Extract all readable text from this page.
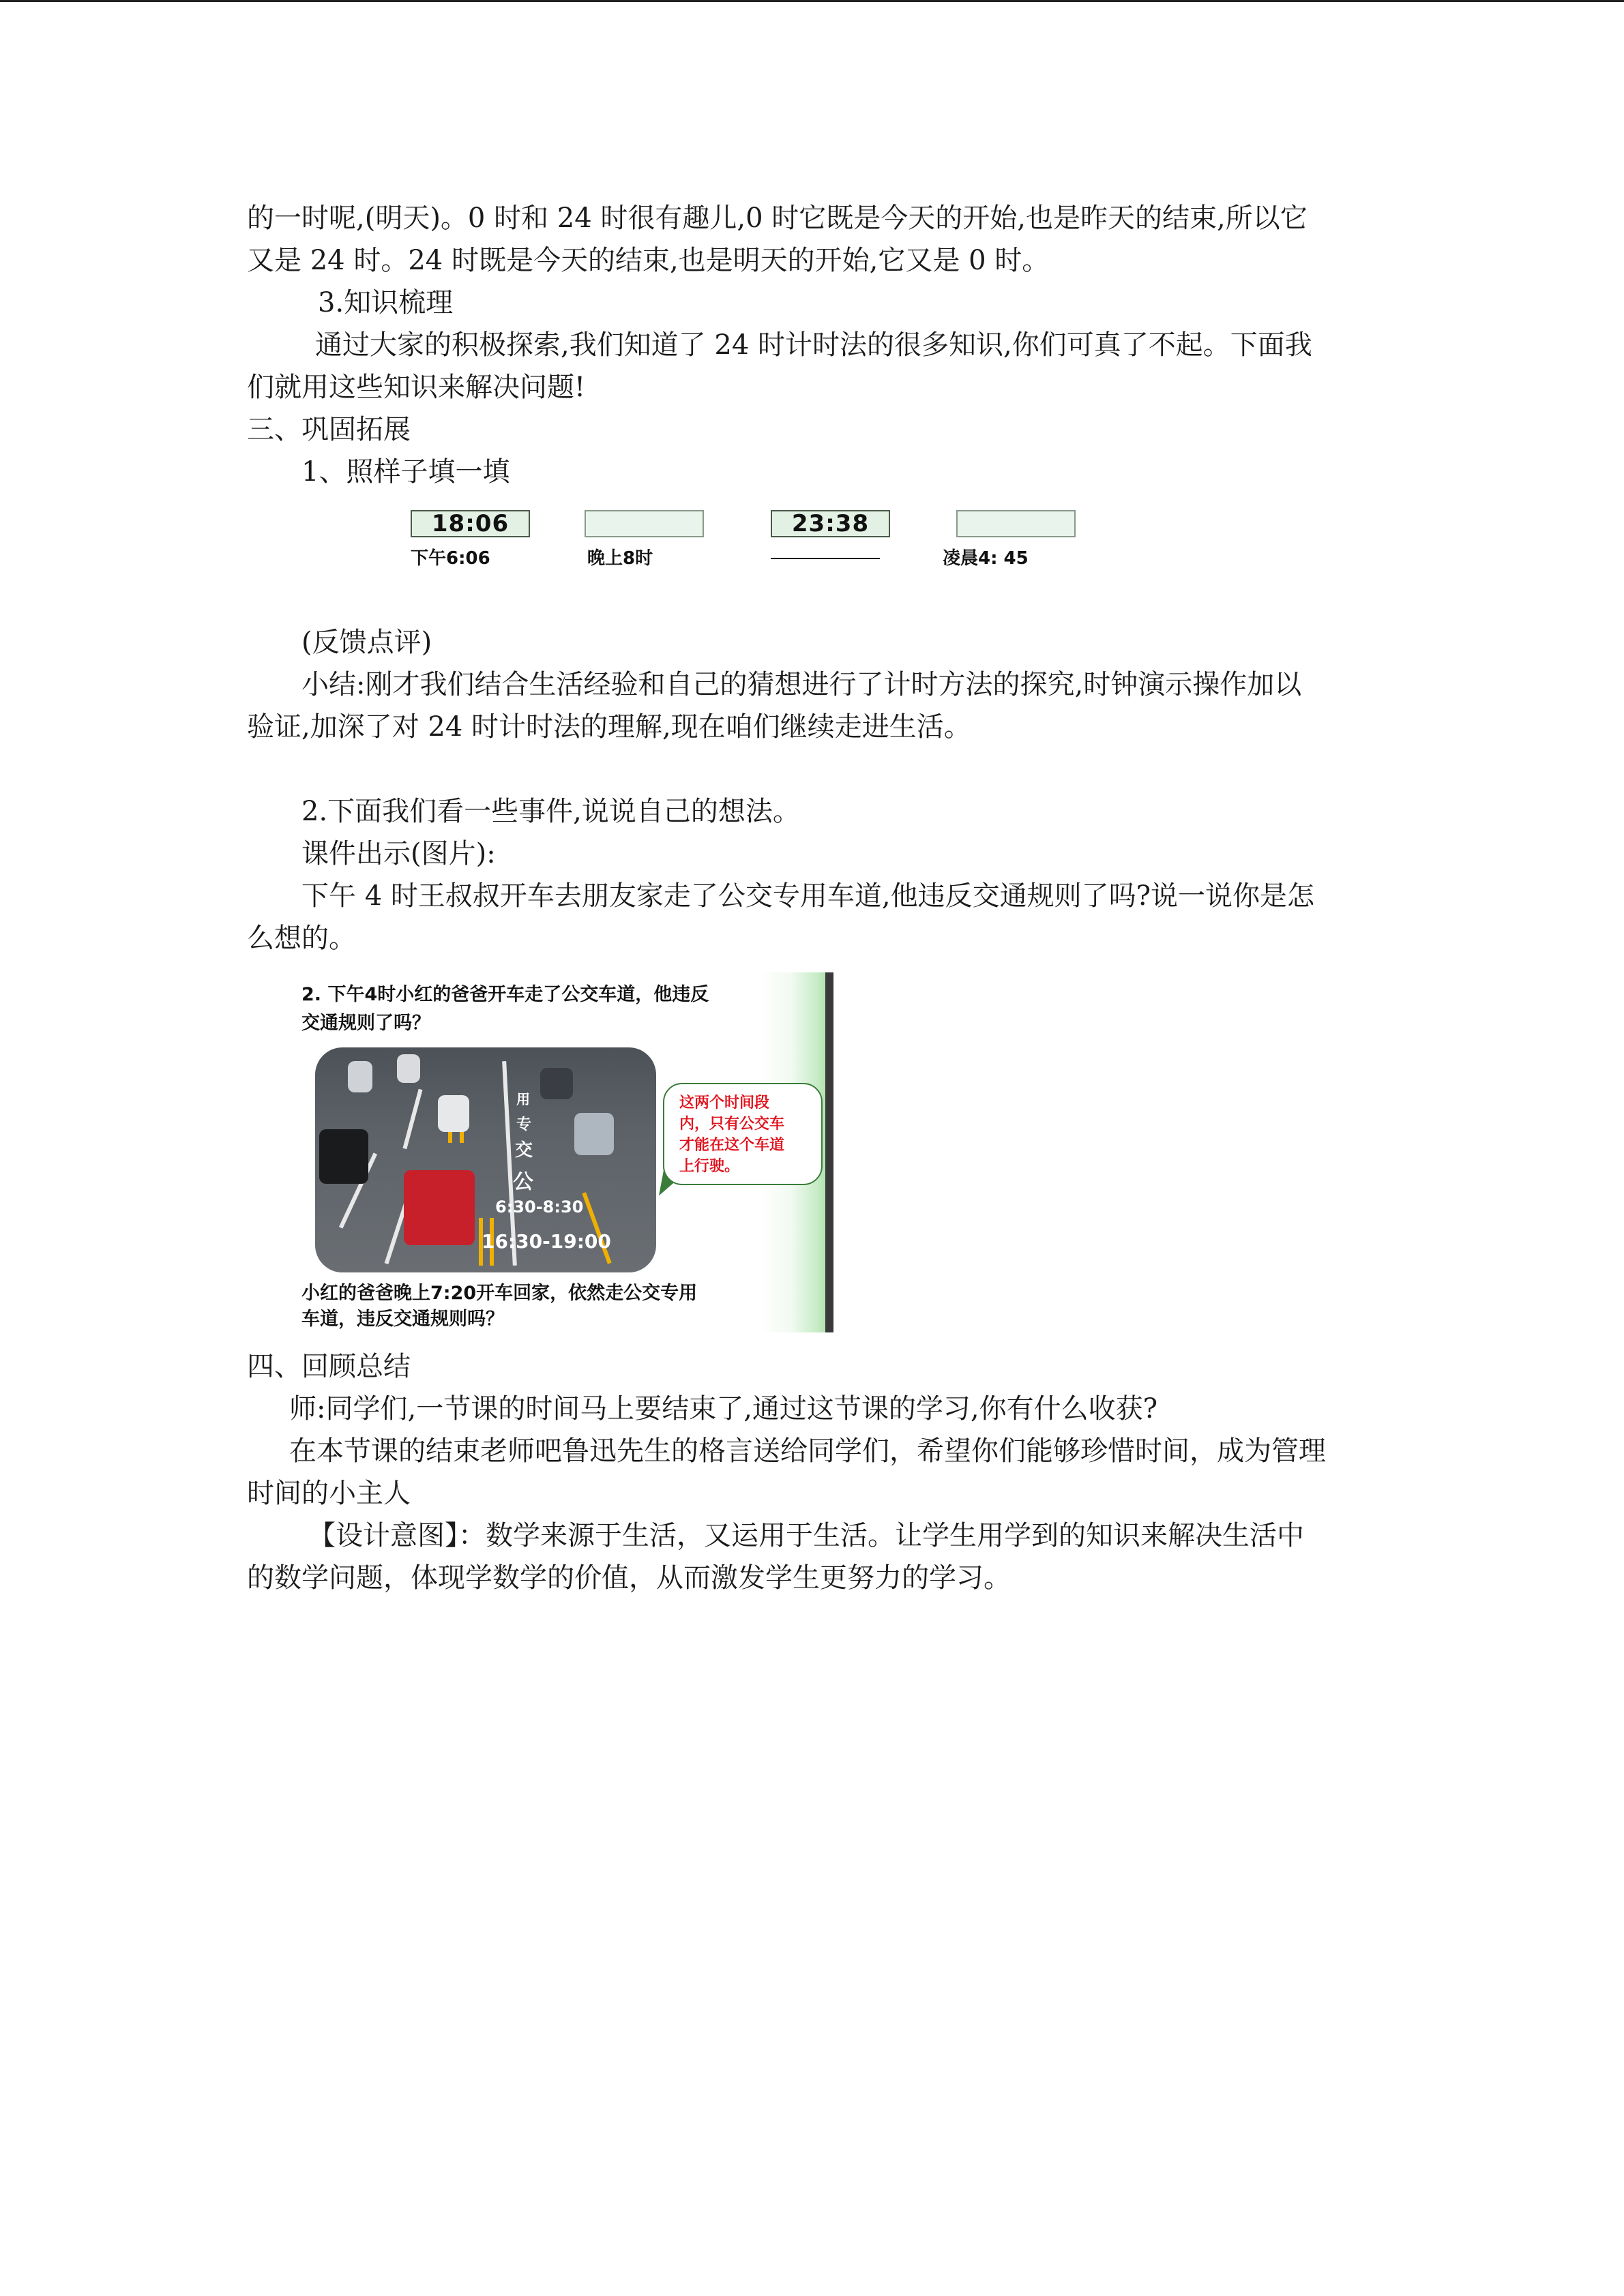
的一时呢,(明天)。0 时和 24 时很有趣儿,0 时它既是今天的开始,也是昨天的结束,所以它
又是 24 时。24 时既是今天的结束,也是明天的开始,它又是 0 时。
3.知识梳理
通过大家的积极探索,我们知道了 24 时计时法的很多知识,你们可真了不起。下面我
们就用这些知识来解决问题!
三、巩固拓展
1、照样子填一填
18:06
下午6:06	晚上8时
23:38
凌晨4: 45
(反馈点评)
小结:刚才我们结合生活经验和自己的猜想进行了计时方法的探究,时钟演示操作加以
验证,加深了对 24 时计时法的理解,现在咱们继续走进生活。
2.下面我们看一些事件,说说自己的想法。
课件出示(图片):
下午 4 时王叔叔开车去朋友家走了公交专用车道,他违反交通规则了吗?说一说你是怎
么想的。
2. 下午4时小红的爸爸开车走了公交车道，他违反
交通规则了吗？
用
专
交
公
6:30-8:30
16:30-19:00
这两个时间段
内，只有公交车
才能在这个车道
上行驶。
小红的爸爸晚上7:20开车回家，依然走公交专用
车道，违反交通规则吗？
四、回顾总结
师:同学们,一节课的时间马上要结束了,通过这节课的学习,你有什么收获?
在本节课的结束老师吧鲁迅先生的格言送给同学们，希望你们能够珍惜时间，成为管理
时间的小主人
【设计意图】：数学来源于生活，又运用于生活。让学生用学到的知识来解决生活中
的数学问题，体现学数学的价值，从而激发学生更努力的学习。
